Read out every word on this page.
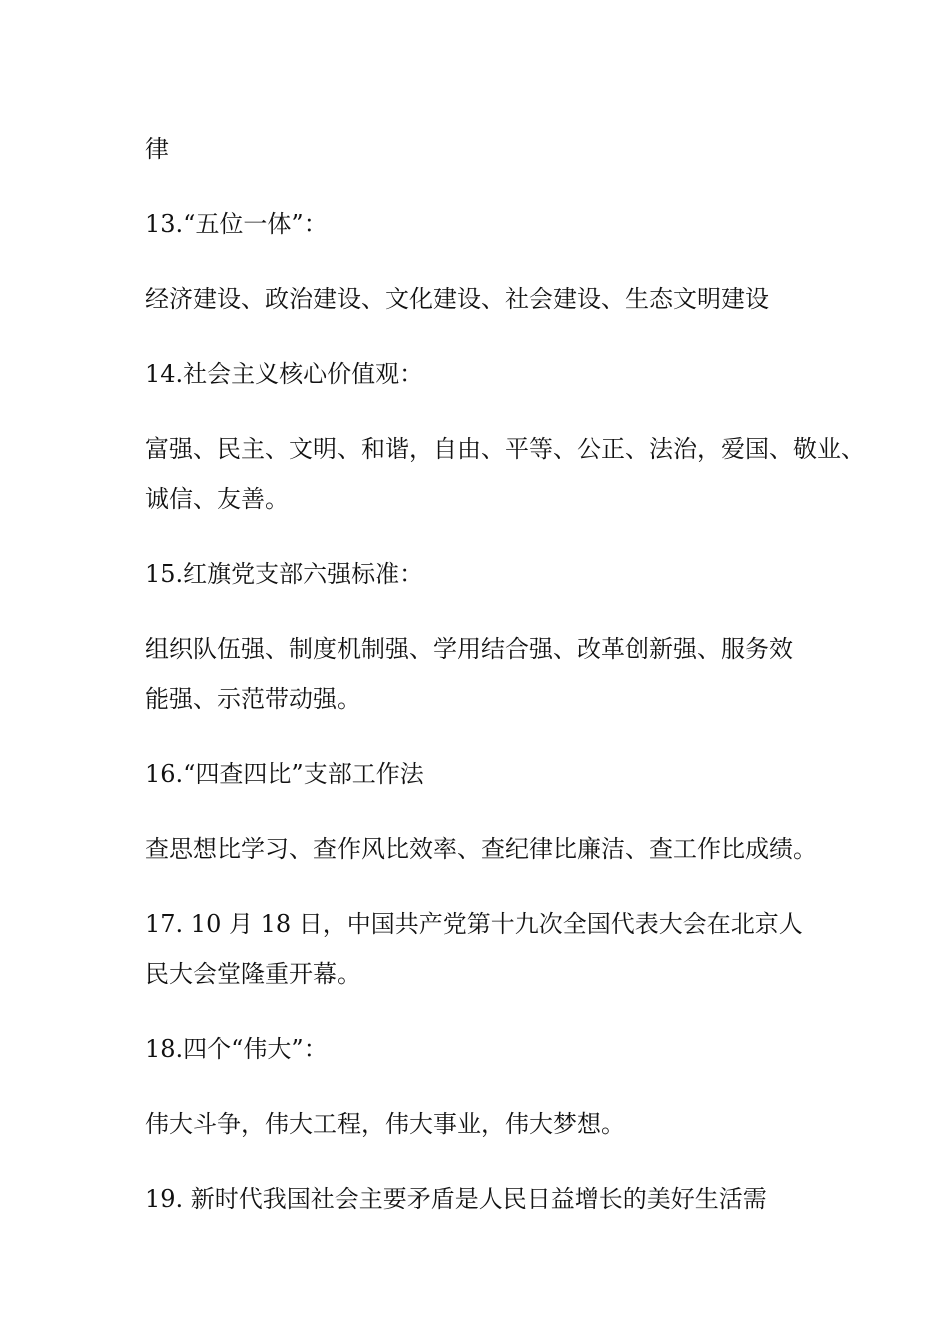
律
13.“五位一体”：
经济建设、政治建设、文化建设、社会建设、生态文明建设
14.社会主义核心价值观：
富强、民主、文明、和谐，自由、平等、公正、法治，爱国、敬业、
诚信、友善。
15.红旗党支部六强标准：
组织队伍强、制度机制强、学用结合强、改革创新强、服务效
能强、示范带动强。
16.“四查四比”支部工作法
查思想比学习、查作风比效率、查纪律比廉洁、查工作比成绩。
17. 10 月 18 日，中国共产党第十九次全国代表大会在北京人
民大会堂隆重开幕。
18.四个“伟大”：
伟大斗争，伟大工程，伟大事业，伟大梦想。
19. 新时代我国社会主要矛盾是人民日益增长的美好生活需
